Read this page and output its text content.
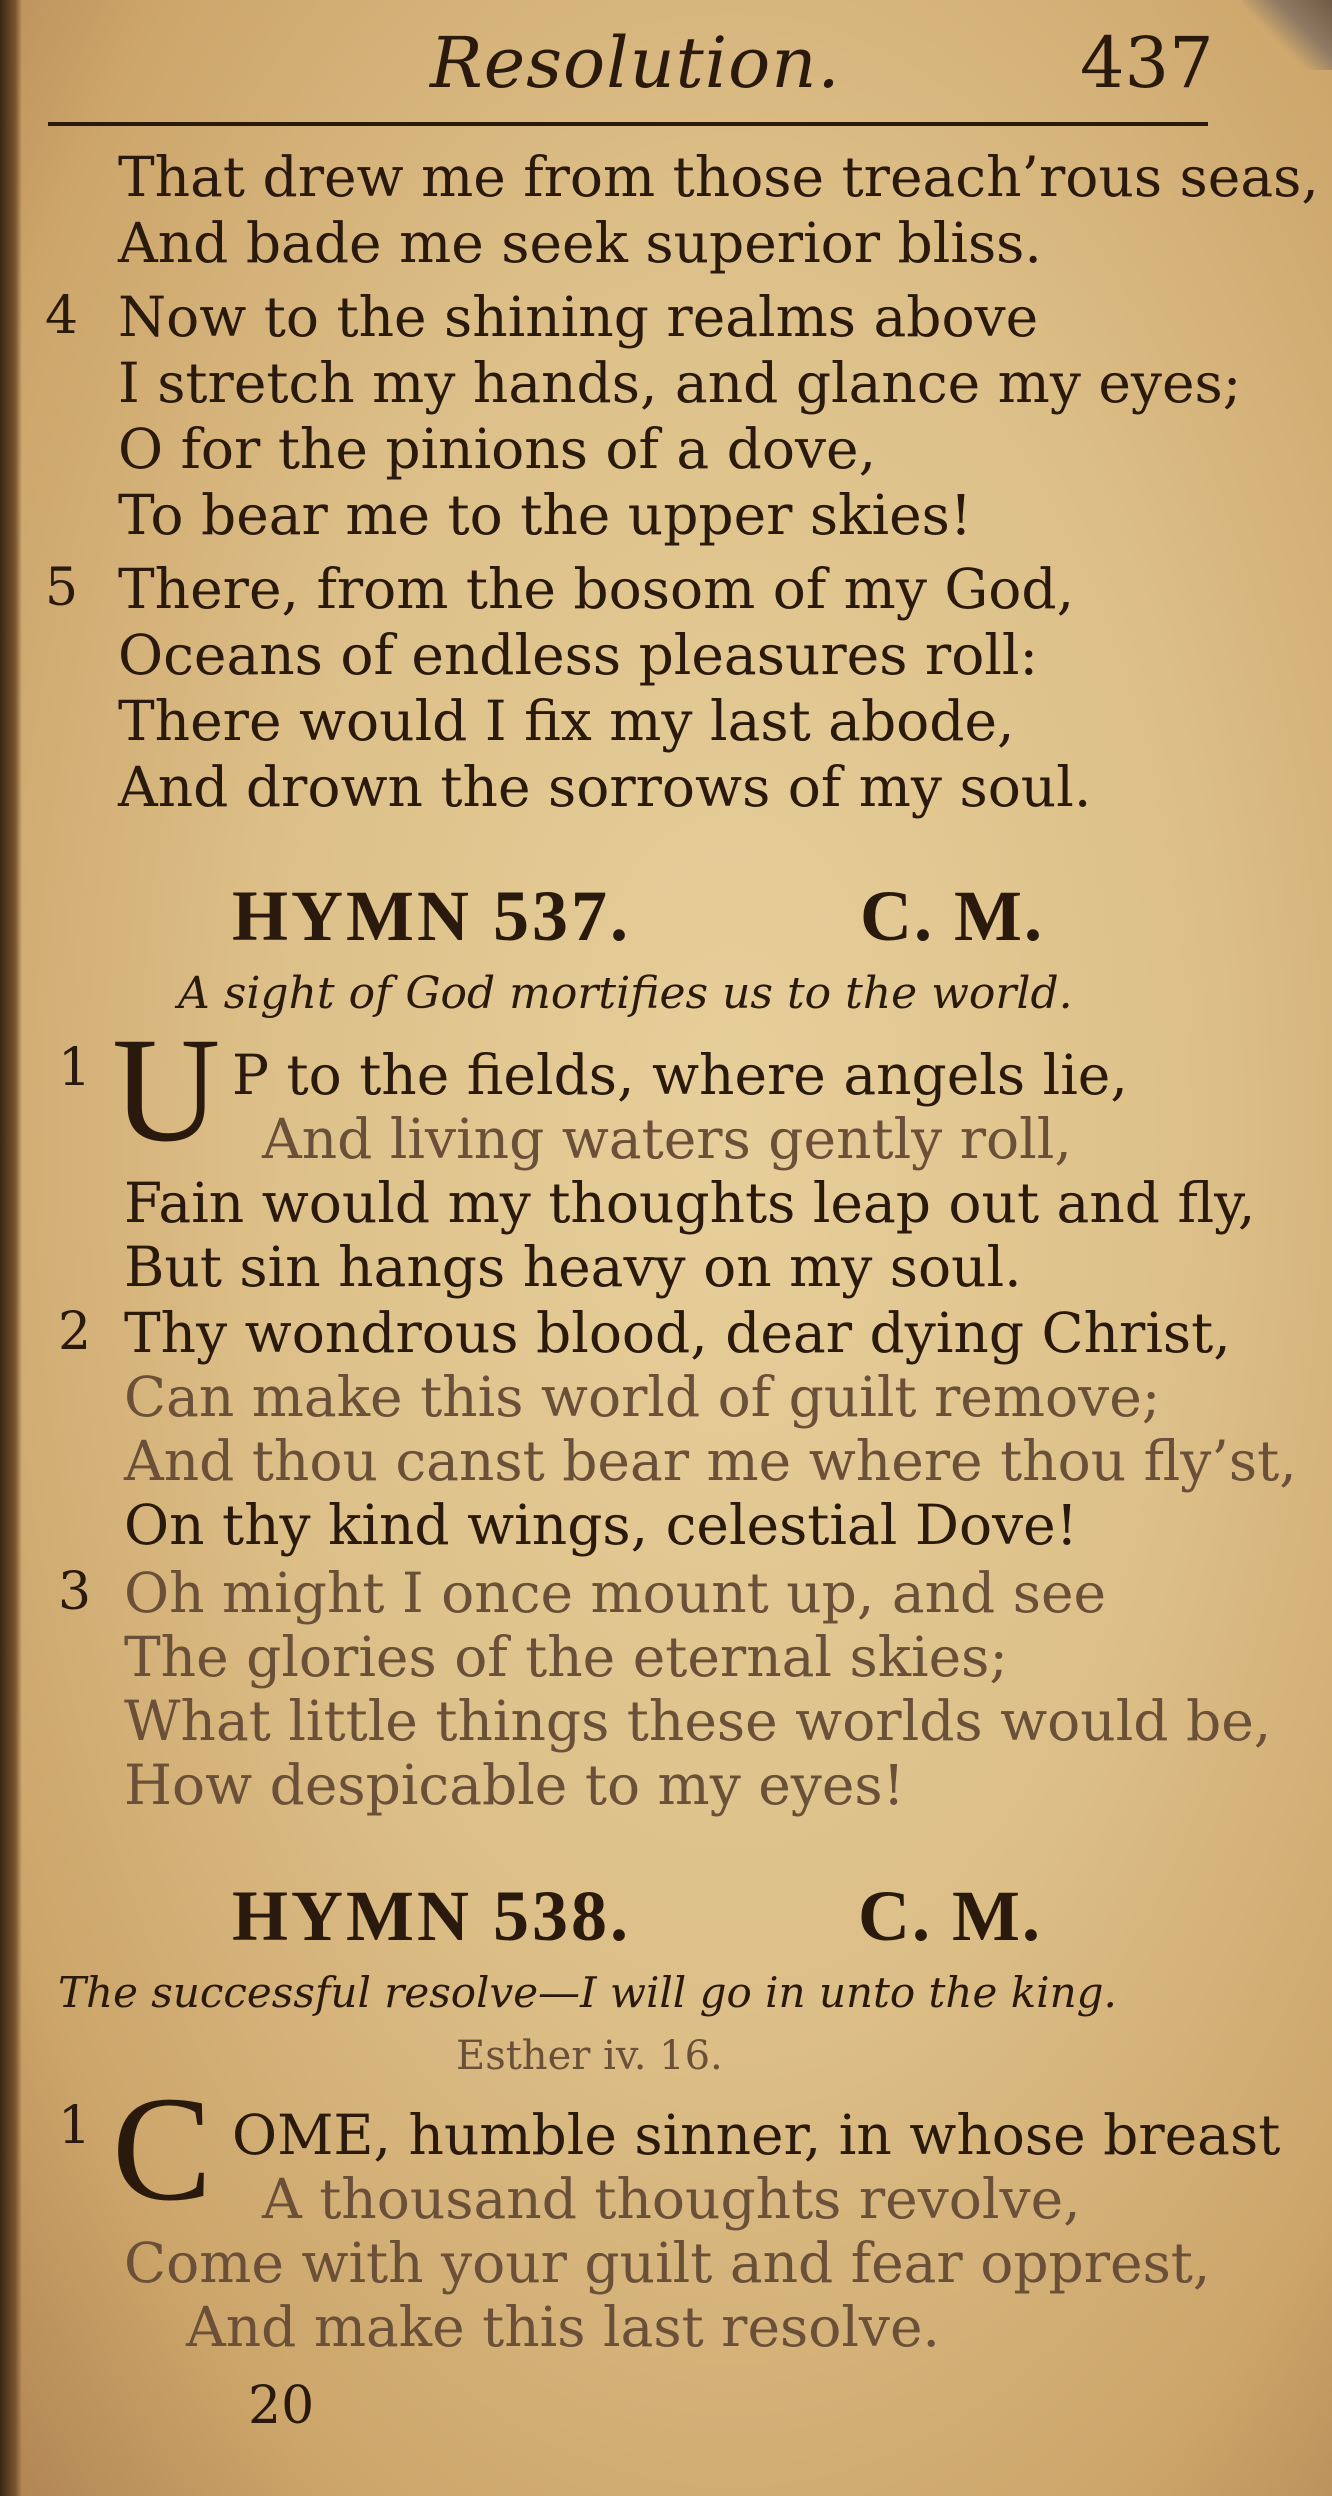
Resolution.	437
That drew me from those treach’rous seas,
And bade me seek superior bliss.
4 Now to the shining realms above
I stretch my hands, and glance my eyes;
O for the pinions of a dove,
To bear me to the upper skies!
5 There, from the bosom of my God,
Oceans of endless pleasures roll:
There would I fix my last abode,
And drown the sorrows of my soul.
HYMN 537.	C. M.
A sight of God mortifies us to the world.
1 U P to the fields, where angels lie,
And living waters gently roll,
Fain would my thoughts leap out and fly,
But sin hangs heavy on my soul.
2 Thy wondrous blood, dear dying Christ,
Can make this world of guilt remove;
And thou canst bear me where thou fly’st,
On thy kind wings, celestial Dove!
3 Oh might I once mount up, and see
The glories of the eternal skies;
What little things these worlds would be,
How despicable to my eyes!
HYMN 538.	C. M.
The successful resolve—I will go in unto the king.
Esther iv. 16.
1 C OME, humble sinner, in whose breast
A thousand thoughts revolve,
Come with your guilt and fear opprest,
And make this last resolve.
20
